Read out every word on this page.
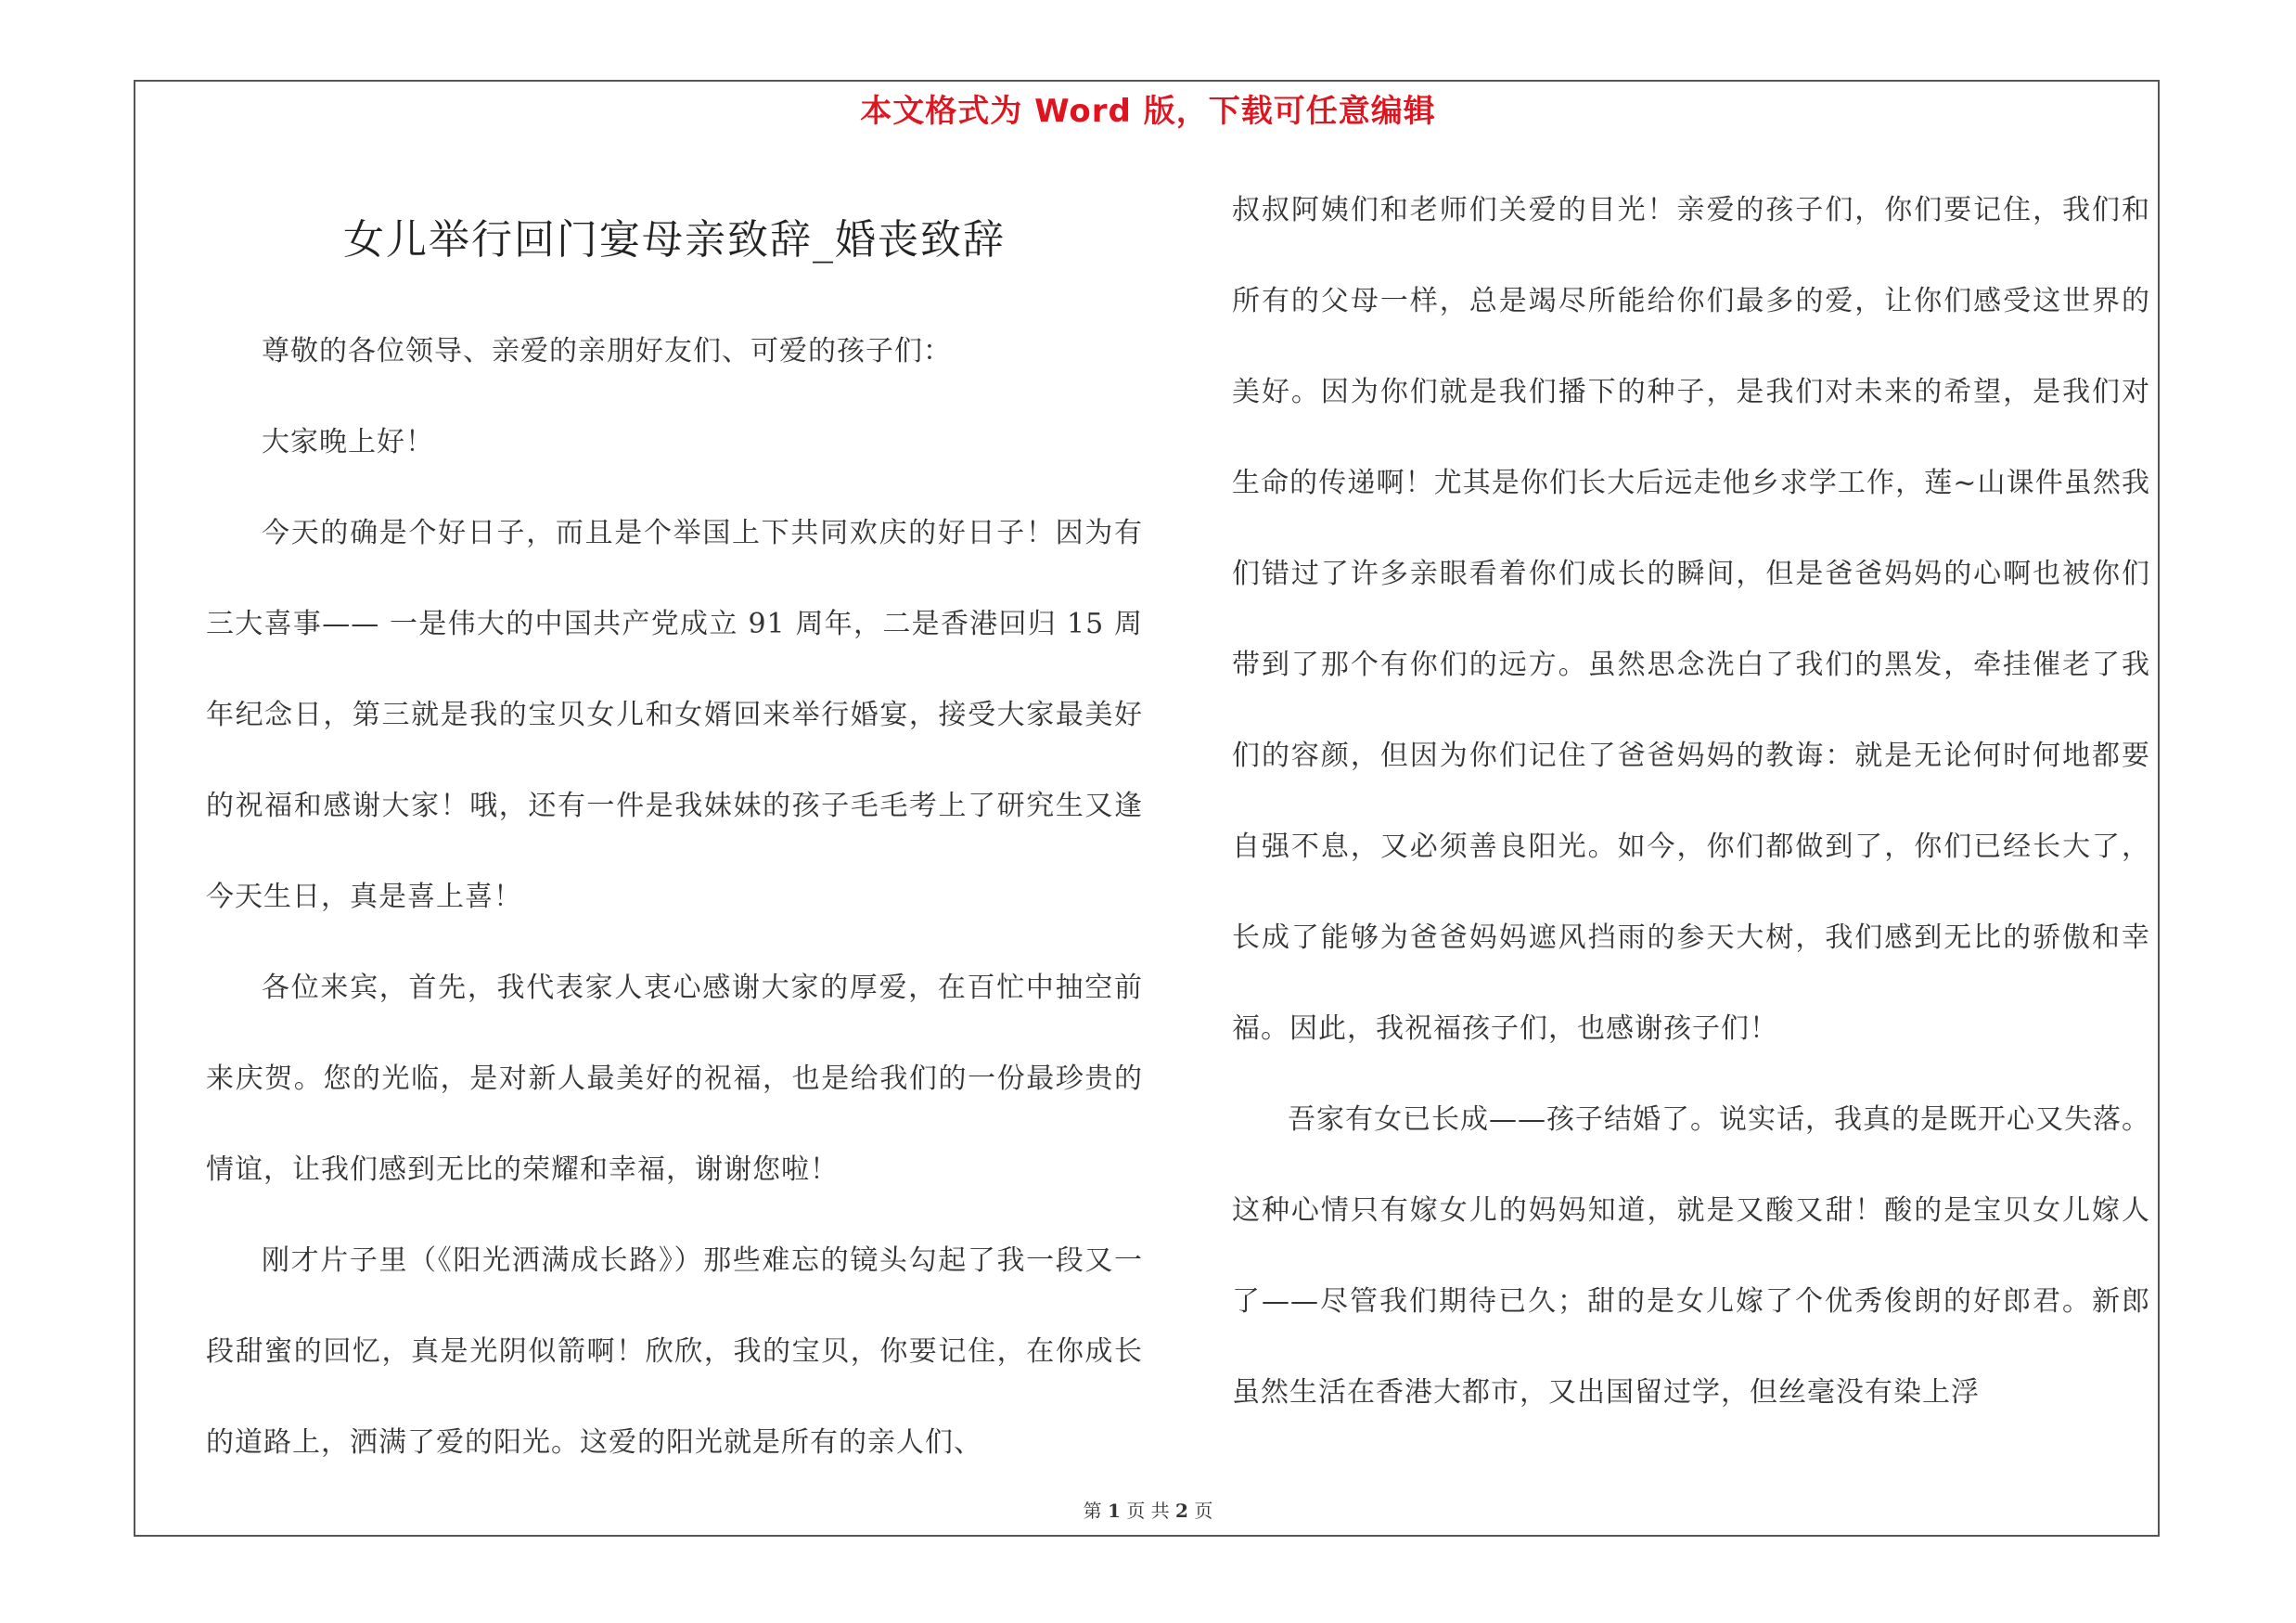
本文格式为 Word 版，下载可任意编辑
女儿举行回门宴母亲致辞_婚丧致辞

尊敬的各位领导、亲爱的亲朋好友们、可爱的孩子们：

大家晚上好！

今天的确是个好日子，而且是个举国上下共同欢庆的好日子！因为有三大喜事—— 一是伟大的中国共产党成立 91 周年，二是香港回归 15 周年纪念日，第三就是我的宝贝女儿和女婿回来举行婚宴，接受大家最美好的祝福和感谢大家！哦，还有一件是我妹妹的孩子毛毛考上了研究生又逢今天生日，真是喜上喜！

各位来宾，首先，我代表家人衷心感谢大家的厚爱，在百忙中抽空前来庆贺。您的光临，是对新人最美好的祝福，也是给我们的一份最珍贵的情谊，让我们感到无比的荣耀和幸福，谢谢您啦！

刚才片子里（《阳光洒满成长路》）那些难忘的镜头勾起了我一段又一段甜蜜的回忆，真是光阴似箭啊！欣欣，我的宝贝，你要记住，在你成长的道路上，洒满了爱的阳光。这爱的阳光就是所有的亲人们、

叔叔阿姨们和老师们关爱的目光！亲爱的孩子们，你们要记住，我们和所有的父母一样，总是竭尽所能给你们最多的爱，让你们感受这世界的美好。因为你们就是我们播下的种子，是我们对未来的希望，是我们对生命的传递啊！尤其是你们长大后远走他乡求学工作，莲~山课件虽然我们错过了许多亲眼看着你们成长的瞬间，但是爸爸妈妈的心啊也被你们带到了那个有你们的远方。虽然思念洗白了我们的黑发，牵挂催老了我们的容颜，但因为你们记住了爸爸妈妈的教诲：就是无论何时何地都要自强不息，又必须善良阳光。如今，你们都做到了，你们已经长大了，长成了能够为爸爸妈妈遮风挡雨的参天大树，我们感到无比的骄傲和幸福。因此，我祝福孩子们，也感谢孩子们！

吾家有女已长成——孩子结婚了。说实话，我真的是既开心又失落。这种心情只有嫁女儿的妈妈知道，就是又酸又甜！酸的是宝贝女儿嫁人了——尽管我们期待已久；甜的是女儿嫁了个优秀俊朗的好郎君。新郎虽然生活在香港大都市，又出国留过学，但丝毫没有染上浮

第 1 页 共 2 页
